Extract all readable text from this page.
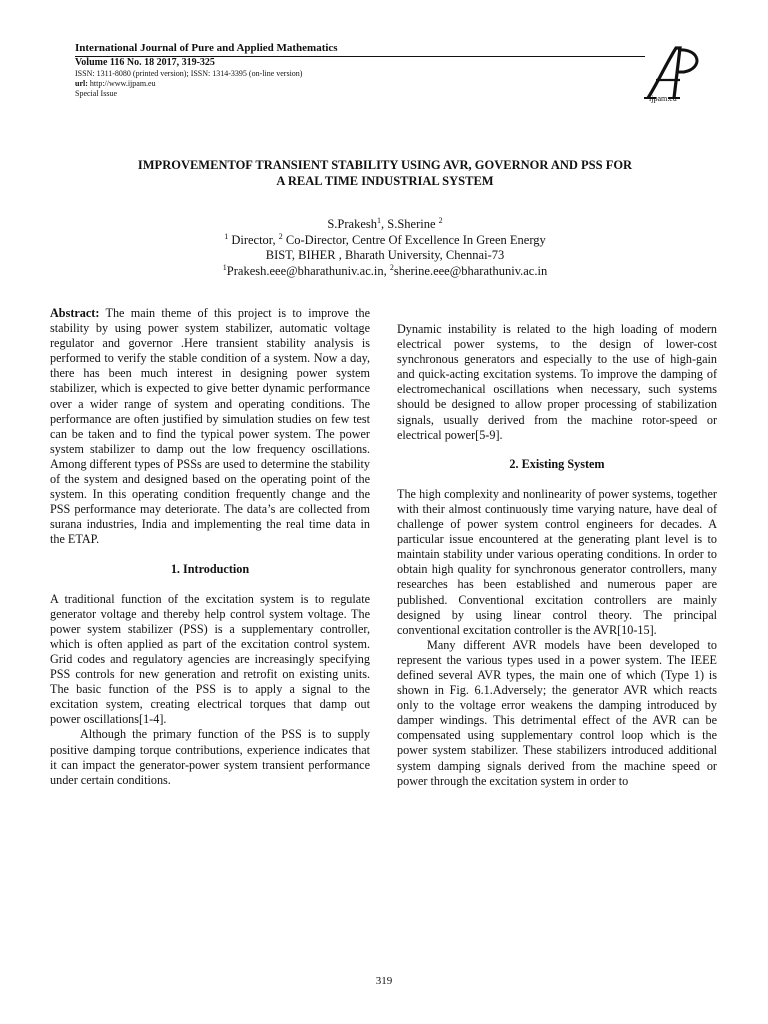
International Journal of Pure and Applied Mathematics
Volume 116 No. 18 2017, 319-325
ISSN: 1311-8080 (printed version); ISSN: 1314-3395 (on-line version)
url: http://www.ijpam.eu
Special Issue
ijpam.eu
IMPROVEMENTOF TRANSIENT STABILITY USING AVR, GOVERNOR AND PSS FOR
A REAL TIME INDUSTRIAL SYSTEM
S.Prakesh$^1$, S.Sherine $^2$
$^1$ Director, $^2$ Co-Director, Centre Of Excellence In Green Energy
BIST, BIHER , Bharath University, Chennai-73
$^1$Prakesh.eee@bharathuniv.ac.in, $^2$sherine.eee@bharathuniv.ac.in

Abstract: The main theme of this project is to improve the stability by using power system stabilizer, automatic voltage regulator and governor .Here transient stability analysis is performed to verify the stable condition of a system. Now a day, there has been much interest in designing power system stabilizer, which is expected to give better dynamic performance over a wider range of system and operating conditions. The performance are often justified by simulation studies on few test can be taken and to find the typical power system. The power system stabilizer to damp out the low frequency oscillations. Among different types of PSSs are used to determine the stability of the system and designed based on the operating point of the system. In this operating condition frequently change and the PSS performance may deteriorate. The data’s are collected from surana industries, India and implementing the real time data in the ETAP.

1. Introduction

A traditional function of the excitation system is to regulate generator voltage and thereby help control system voltage. The power system stabilizer (PSS) is a supplementary controller, which is often applied as part of the excitation control system. Grid codes and regulatory agencies are increasingly specifying PSS controls for new generation and retrofit on existing units. The basic function of the PSS is to apply a signal to the excitation system, creating electrical torques that damp out power oscillations[1-4].

Although the primary function of the PSS is to supply positive damping torque contributions, experience indicates that it can impact the generator-power system transient performance under certain conditions.

Dynamic instability is related to the high loading of modern electrical power systems, to the design of lower-cost synchronous generators and especially to the use of high-gain and quick-acting excitation systems. To improve the damping of electromechanical oscillations when necessary, such systems should be designed to allow proper processing of stabilization signals, usually derived from the machine rotor-speed or electrical power[5-9].

2. Existing System

The high complexity and nonlinearity of power systems, together with their almost continuously time varying nature, have deal of challenge of power system control engineers for decades. A particular issue encountered at the generating plant level is to maintain stability under various operating conditions. In order to obtain high quality for synchronous generator controllers, many researches has been established and numerous paper are published. Conventional excitation controllers are mainly designed by using linear control theory. The principal conventional excitation controller is the AVR[10-15].

Many different AVR models have been developed to represent the various types used in a power system. The IEEE defined several AVR types, the main one of which (Type 1) is shown in Fig. 6.1.Adversely; the generator AVR which reacts only to the voltage error weakens the damping introduced by damper windings. This detrimental effect of the AVR can be compensated using supplementary control loop which is the power system stabilizer. These stabilizers introduced additional system damping signals derived from the machine speed or power through the excitation system in order to

319
